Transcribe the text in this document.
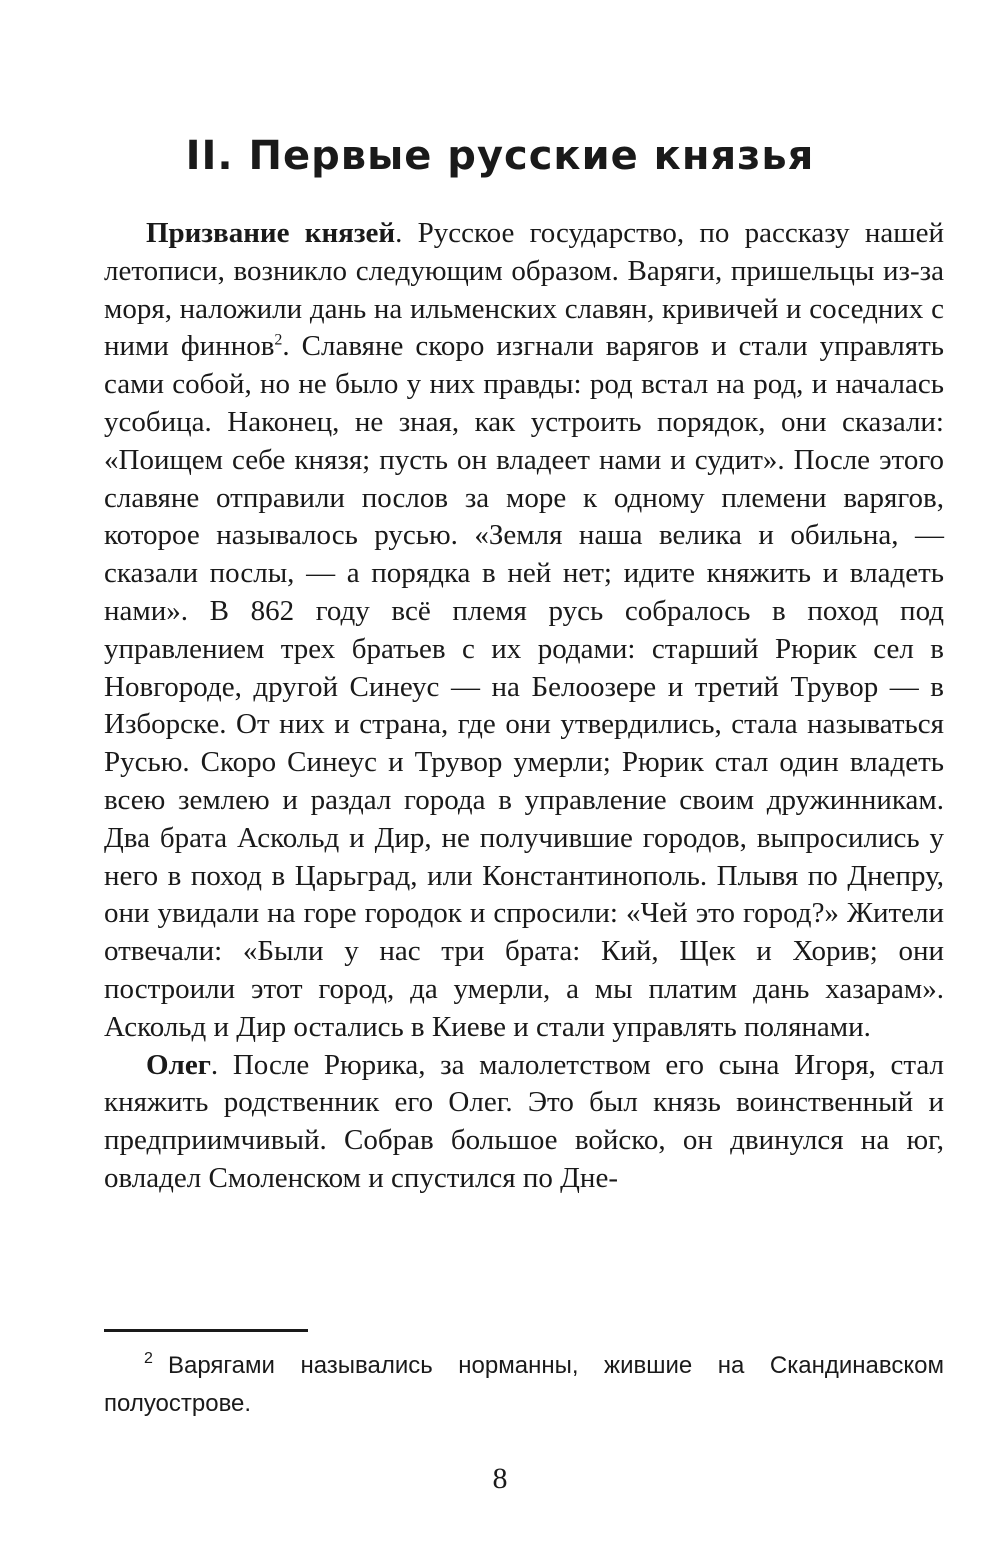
II. Первые русские князья

Призвание князей. Русское государство, по рассказу нашей летописи, возникло следующим образом. Варяги, пришельцы из-за моря, наложили дань на ильменских славян, кривичей и соседних с ними финнов$^2$. Славяне скоро изгнали варягов и стали управлять сами собой, но не было у них правды: род встал на род, и началась усобица. Наконец, не зная, как устроить порядок, они сказали: «Поищем себе князя; пусть он владеет нами и судит». После этого славяне отправили послов за море к одному племени варягов, которое называлось русью. «Земля наша велика и обильна, — сказали послы, — а порядка в ней нет; идите княжить и владеть нами». В 862 году всё племя русь собралось в поход под управлением трех братьев с их родами: старший Рюрик сел в Новгороде, другой Синеус — на Белоозере и третий Трувор — в Изборске. От них и страна, где они утвердились, стала называться Русью. Скоро Синеус и Трувор умерли; Рюрик стал один владеть всею землею и раздал города в управление своим дружинникам. Два брата Аскольд и Дир, не получившие городов, выпросились у него в поход в Царьград, или Константинополь. Плывя по Днепру, они увидали на горе городок и спросили: «Чей это город?» Жители отвечали: «Были у нас три брата: Кий, Щек и Хорив; они построили этот город, да умерли, а мы платим дань хазарам». Аскольд и Дир остались в Киеве и стали управлять полянами.

Олег. После Рюрика, за малолетством его сына Игоря, стал княжить родственник его Олег. Это был князь воинственный и предприимчивый. Собрав большое войско, он двинулся на юг, овладел Смоленском и спустился по Дне-

2 Варягами назывались норманны, жившие на Скандинавском полуострове.

8
